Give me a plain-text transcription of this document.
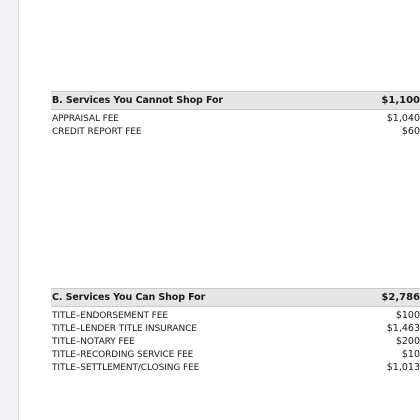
B. Services You Cannot Shop For	$1,100
APPRAISAL FEE	$1,040
CREDIT REPORT FEE	$60
C. Services You Can Shop For	$2,786
TITLE–ENDORSEMENT FEE	$100
TITLE–LENDER TITLE INSURANCE	$1,463
TITLE–NOTARY FEE	$200
TITLE–RECORDING SERVICE FEE	$10
TITLE–SETTLEMENT/CLOSING FEE	$1,013
